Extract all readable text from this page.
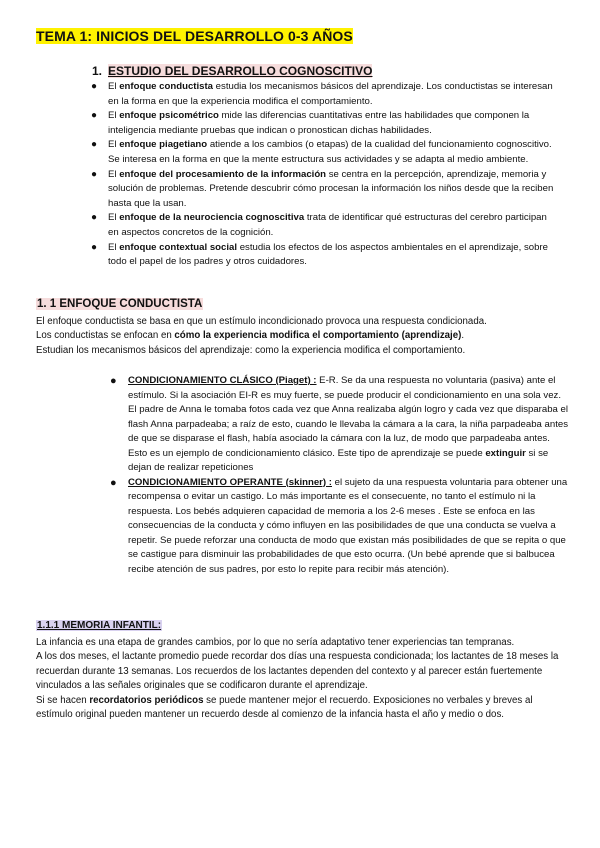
TEMA 1: INICIOS DEL DESARROLLO 0-3 AÑOS
1. ESTUDIO DEL DESARROLLO COGNOSCITIVO
● El enfoque conductista estudia los mecanismos básicos del aprendizaje. Los conductistas se interesan en la forma en que la experiencia modifica el comportamiento.
● El enfoque psicométrico mide las diferencias cuantitativas entre las habilidades que componen la inteligencia mediante pruebas que indican o pronostican dichas habilidades.
● El enfoque piagetiano atiende a los cambios (o etapas) de la cualidad del funcionamiento cognoscitivo. Se interesa en la forma en que la mente estructura sus actividades y se adapta al medio ambiente.
● El enfoque del procesamiento de la información se centra en la percepción, aprendizaje, memoria y solución de problemas. Pretende descubrir cómo procesan la información los niños desde que la reciben hasta que la usan.
● El enfoque de la neurociencia cognoscitiva trata de identificar qué estructuras del cerebro participan en aspectos concretos de la cognición.
● El enfoque contextual social estudia los efectos de los aspectos ambientales en el aprendizaje, sobre todo el papel de los padres y otros cuidadores.
1. 1 ENFOQUE CONDUCTISTA
El enfoque conductista se basa en que un estímulo incondicionado provoca una respuesta condicionada.
Los conductistas se enfocan en cómo la experiencia modifica el comportamiento (aprendizaje).
Estudian los mecanismos básicos del aprendizaje: como la experiencia modifica el comportamiento.
● CONDICIONAMIENTO CLÁSICO (Piaget) : E-R. Se da una respuesta no voluntaria (pasiva) ante el estímulo. Si la asociación EI-R es muy fuerte, se puede producir el condicionamiento en una sola vez.
El padre de Anna le tomaba fotos cada vez que Anna realizaba algún logro y cada vez que disparaba el flash Anna parpadeaba; a raíz de esto, cuando le llevaba la cámara a la cara, la niña parpadeaba antes de que se disparase el flash, había asociado la cámara con la luz, de modo que parpadeaba antes. Esto es un ejemplo de condicionamiento clásico. Este tipo de aprendizaje se puede extinguir si se dejan de realizar repeticiones
● CONDICIONAMIENTO OPERANTE (skinner) : el sujeto da una respuesta voluntaria para obtener una recompensa o evitar un castigo. Lo más importante es el consecuente, no tanto el estímulo ni la respuesta. Los bebés adquieren capacidad de memoria a los 2-6 meses . Este se enfoca en las consecuencias de la conducta y cómo influyen en las posibilidades de que una conducta se vuelva a repetir. Se puede reforzar una conducta de modo que existan más posibilidades de que se repita o que se castigue para disminuir las probabilidades de que esto ocurra. (Un bebé aprende que si balbucea recibe atención de sus padres, por esto lo repite para recibir más atención).
1.1.1 MEMORIA INFANTIL:
La infancia es una etapa de grandes cambios, por lo que no sería adaptativo tener experiencias tan tempranas.
A los dos meses, el lactante promedio puede recordar dos días una respuesta condicionada; los lactantes de 18 meses la recuerdan durante 13 semanas. Los recuerdos de los lactantes dependen del contexto y al parecer están fuertemente vinculados a las señales originales que se codificaron durante el aprendizaje.
Si se hacen recordatorios periódicos se puede mantener mejor el recuerdo. Exposiciones no verbales y breves al estímulo original pueden mantener un recuerdo desde al comienzo de la infancia hasta el año y medio o dos.
